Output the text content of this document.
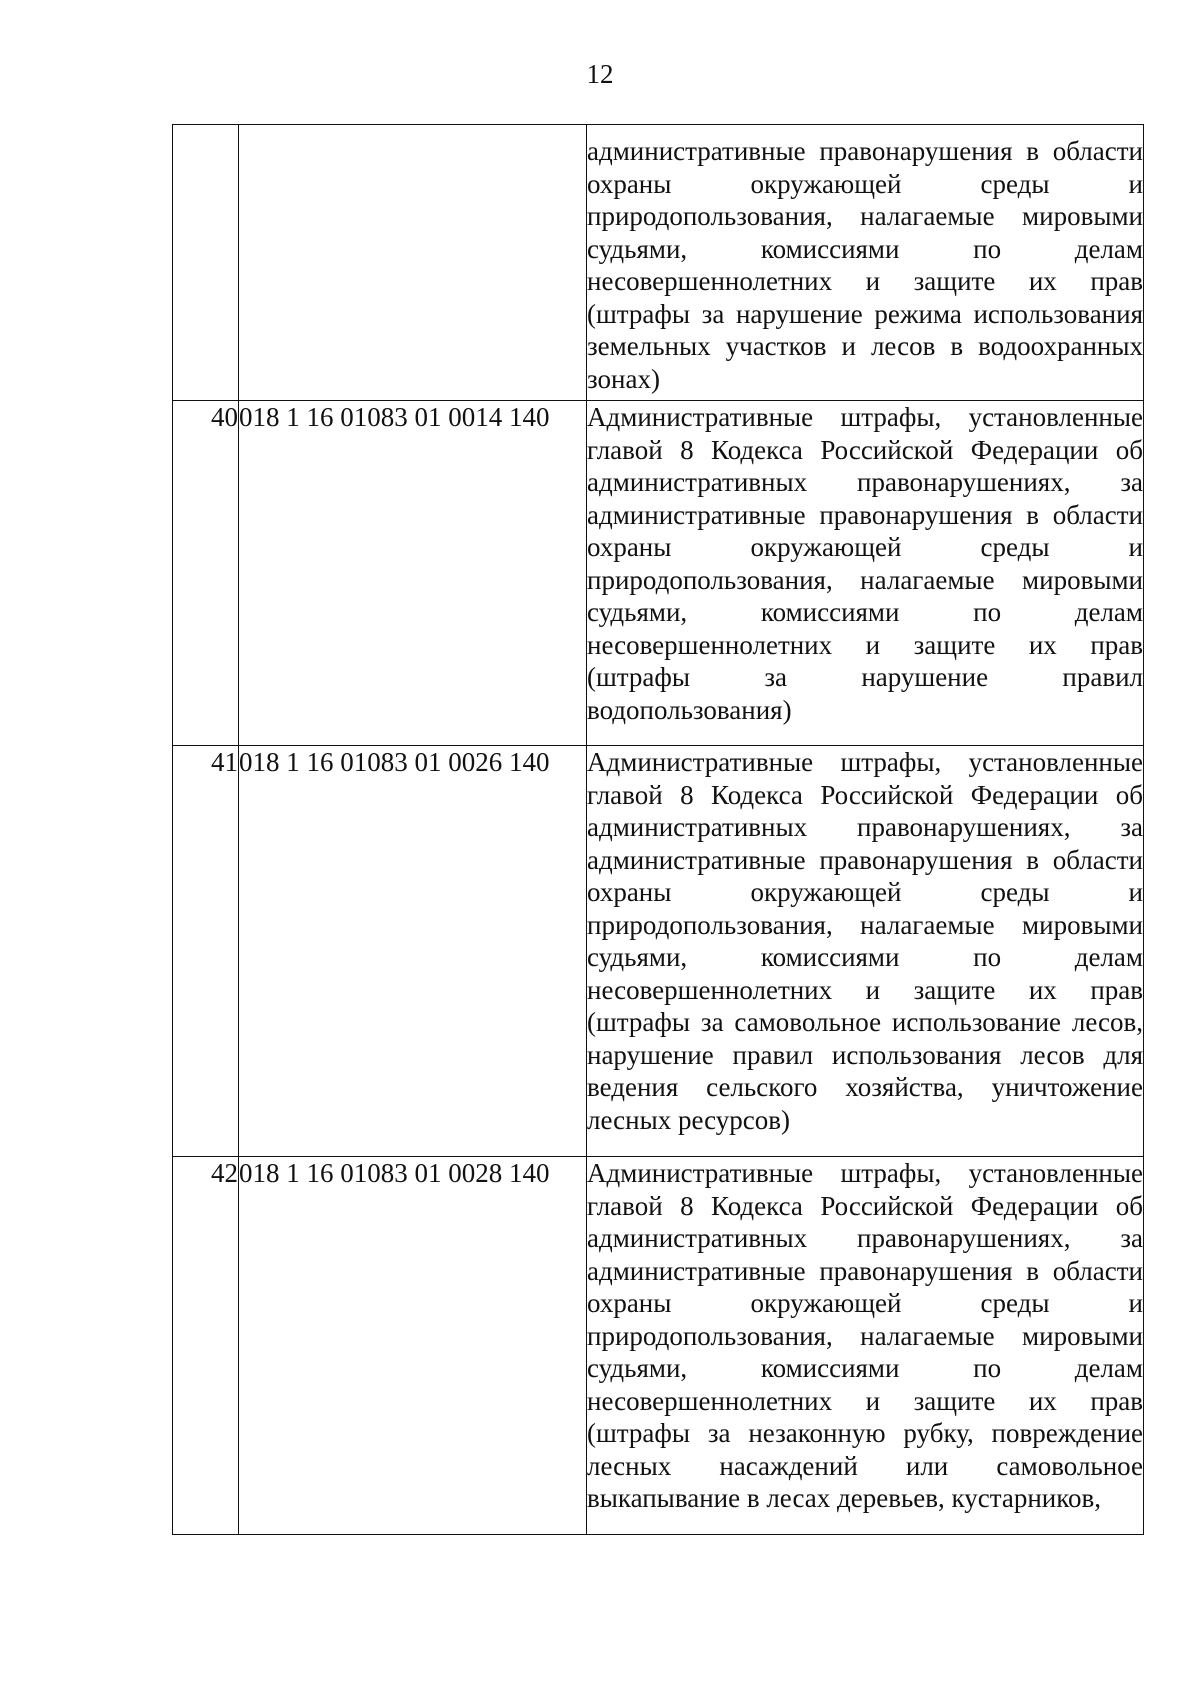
12

		административные правонарушения в области охраны окружающей среды и природопользования, налагаемые мировыми судьями, комиссиями по делам несовершеннолетних и защите их прав (штрафы за нарушение режима использования земельных участков и лесов в водоохранных зонах)

40	018 1 16 01083 01 0014 140	Административные штрафы, установленные главой 8 Кодекса Российской Федерации об административных правонарушениях, за административные правонарушения в области охраны окружающей среды и природопользования, налагаемые мировыми судьями, комиссиями по делам несовершеннолетних и защите их прав (штрафы за нарушение правил водопользования)

41	018 1 16 01083 01 0026 140	Административные штрафы, установленные главой 8 Кодекса Российской Федерации об административных правонарушениях, за административные правонарушения в области охраны окружающей среды и природопользования, налагаемые мировыми судьями, комиссиями по делам несовершеннолетних и защите их прав (штрафы за самовольное использование лесов, нарушение правил использования лесов для ведения сельского хозяйства, уничтожение лесных ресурсов)

42	018 1 16 01083 01 0028 140	Административные штрафы, установленные главой 8 Кодекса Российской Федерации об административных правонарушениях, за административные правонарушения в области охраны окружающей среды и природопользования, налагаемые мировыми судьями, комиссиями по делам несовершеннолетних и защите их прав (штрафы за незаконную рубку, повреждение лесных насаждений или самовольное выкапывание в лесах деревьев, кустарников,
